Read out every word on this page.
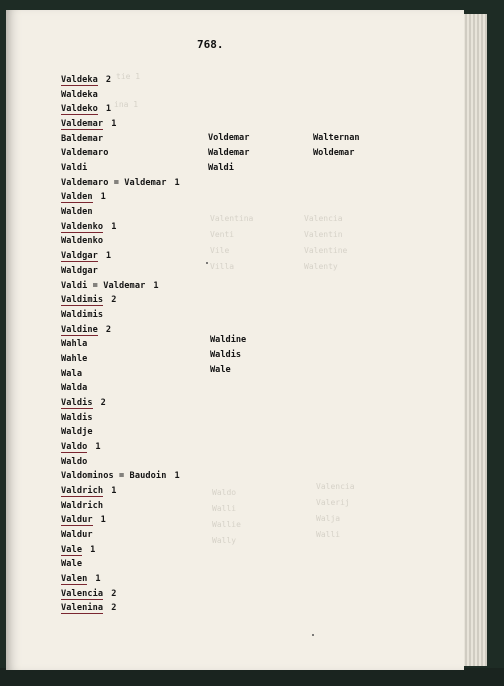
tie 1
ina 1
Valentina
Venti
Vile
Villa
Valencia
Valentin
Valentine
Walenty
Waldo
Walli
Wallie
Wally
Valencia
Valerij
Walja
Walli
768.
Valdeka 2
Waldeka
Valdeko 1
Valdemar 1
Baldemar
Valdemaro
Valdi
Valdemaro = Valdemar 1
Valden 1
Walden
Valdenko 1
Waldenko
Valdgar 1
Waldgar
Valdi = Valdemar 1
Valdimis 2
Waldimis
Valdine 2
Wahla
Wahle
Wala
Walda
Valdis 2
Waldis
Waldje
Valdo 1
Waldo
Valdominos = Baudoin 1
Valdrich 1
Waldrich
Valdur 1
Waldur
Vale 1
Wale
Valen 1
Valencia 2
Valenina 2
Voldemar
Waldemar
Waldi
Walternan
Woldemar
Waldine
Waldis
Wale
